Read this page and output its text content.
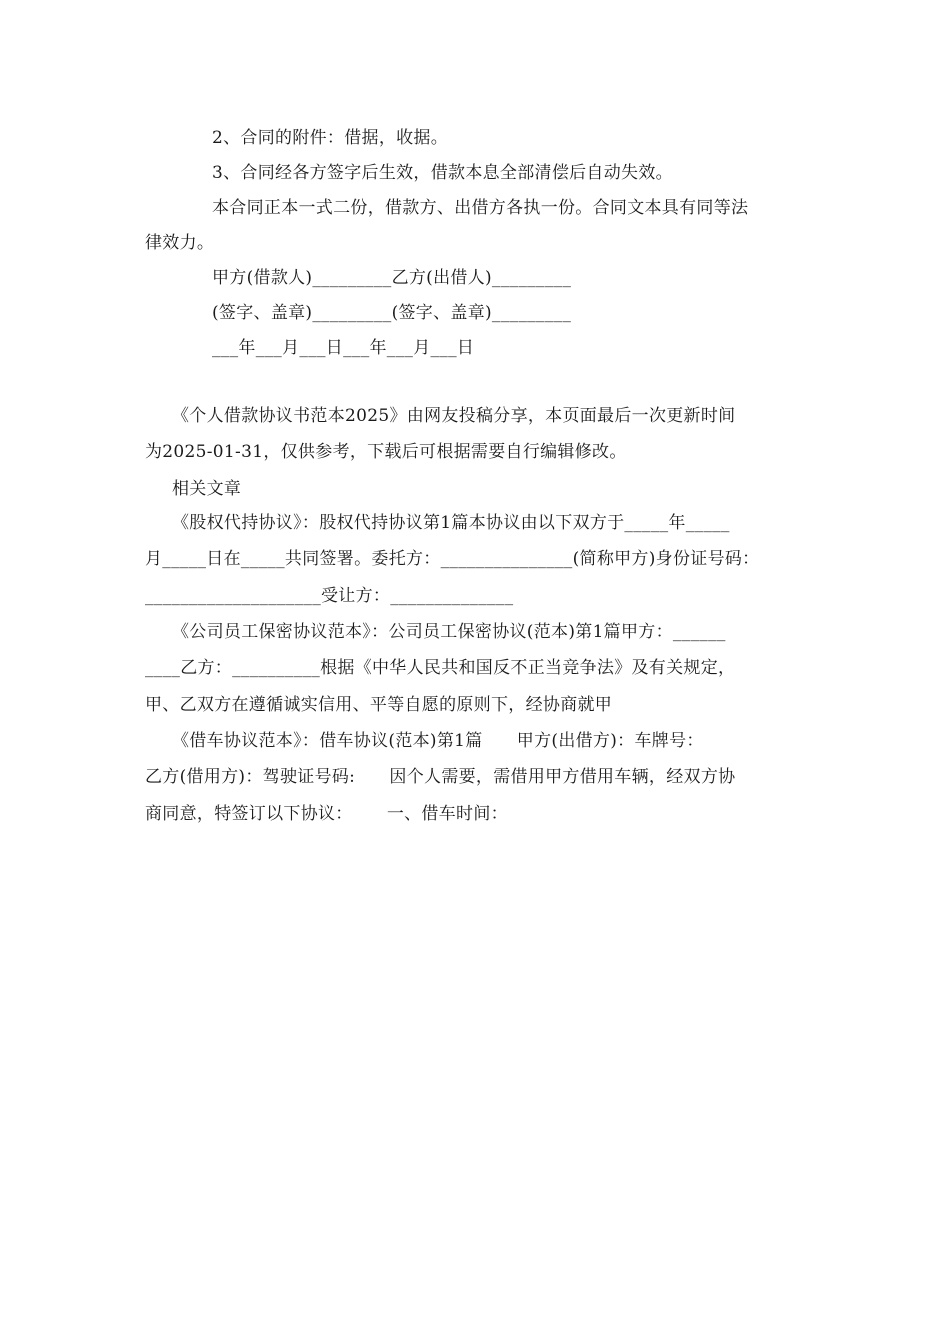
2、合同的附件：借据，收据。
3、合同经各方签字后生效，借款本息全部清偿后自动失效。
本合同正本一式二份，借款方、出借方各执一份。合同文本具有同等法
律效力。
甲方(借款人)_________乙方(出借人)_________
(签字、盖章)_________(签字、盖章)_________
___年___月___日___年___月___日
《个人借款协议书范本2025》由网友投稿分享，本页面最后一次更新时间
为2025-01-31，仅供参考，下载后可根据需要自行编辑修改。
相关文章
《股权代持协议》：股权代持协议第1篇本协议由以下双方于_____年_____
月_____日在_____共同签署。委托方：_______________(简称甲方)身份证号码：
____________________受让方：______________
《公司员工保密协议范本》：公司员工保密协议(范本)第1篇甲方：______
____乙方：__________根据《中华人民共和国反不正当竞争法》及有关规定，
甲、乙双方在遵循诚实信用、平等自愿的原则下，经协商就甲
《借车协议范本》：借车协议(范本)第1篇      甲方(出借方)：车牌号：
乙方(借用方)：驾驶证号码:      因个人需要，需借用甲方借用车辆，经双方协
商同意，特签订以下协议：      一、借车时间：
